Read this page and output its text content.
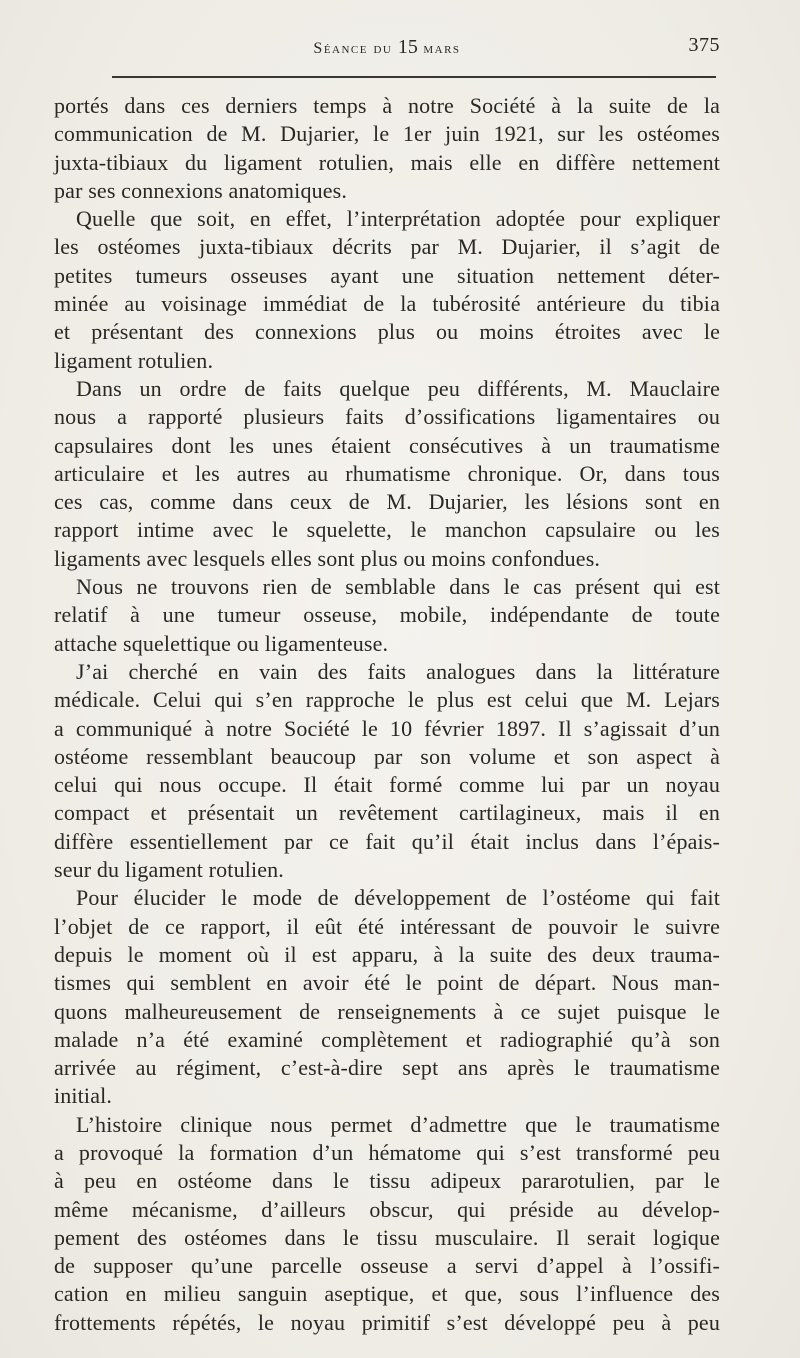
Séance du 15 mars	375
portés dans ces derniers temps à notre Société à la suite de la
communication de M. Dujarier, le 1er juin 1921, sur les ostéomes
juxta-tibiaux du ligament rotulien, mais elle en diffère nettement
par ses connexions anatomiques.
Quelle que soit, en effet, l’interprétation adoptée pour expliquer
les ostéomes juxta-tibiaux décrits par M. Dujarier, il s’agit de
petites tumeurs osseuses ayant une situation nettement déter-
minée au voisinage immédiat de la tubérosité antérieure du tibia
et présentant des connexions plus ou moins étroites avec le
ligament rotulien.
Dans un ordre de faits quelque peu différents, M. Mauclaire
nous a rapporté plusieurs faits d’ossifications ligamentaires ou
capsulaires dont les unes étaient consécutives à un traumatisme
articulaire et les autres au rhumatisme chronique. Or, dans tous
ces cas, comme dans ceux de M. Dujarier, les lésions sont en
rapport intime avec le squelette, le manchon capsulaire ou les
ligaments avec lesquels elles sont plus ou moins confondues.
Nous ne trouvons rien de semblable dans le cas présent qui est
relatif à une tumeur osseuse, mobile, indépendante de toute
attache squelettique ou ligamenteuse.
J’ai cherché en vain des faits analogues dans la littérature
médicale. Celui qui s’en rapproche le plus est celui que M. Lejars
a communiqué à notre Société le 10 février 1897. Il s’agissait d’un
ostéome ressemblant beaucoup par son volume et son aspect à
celui qui nous occupe. Il était formé comme lui par un noyau
compact et présentait un revêtement cartilagineux, mais il en
diffère essentiellement par ce fait qu’il était inclus dans l’épais-
seur du ligament rotulien.
Pour élucider le mode de développement de l’ostéome qui fait
l’objet de ce rapport, il eût été intéressant de pouvoir le suivre
depuis le moment où il est apparu, à la suite des deux trauma-
tismes qui semblent en avoir été le point de départ. Nous man-
quons malheureusement de renseignements à ce sujet puisque le
malade n’a été examiné complètement et radiographié qu’à son
arrivée au régiment, c’est-à-dire sept ans après le traumatisme
initial.
L’histoire clinique nous permet d’admettre que le traumatisme
a provoqué la formation d’un hématome qui s’est transformé peu
à peu en ostéome dans le tissu adipeux pararotulien, par le
même mécanisme, d’ailleurs obscur, qui préside au dévelop-
pement des ostéomes dans le tissu musculaire. Il serait logique
de supposer qu’une parcelle osseuse a servi d’appel à l’ossifi-
cation en milieu sanguin aseptique, et que, sous l’influence des
frottements répétés, le noyau primitif s’est développé peu à peu
